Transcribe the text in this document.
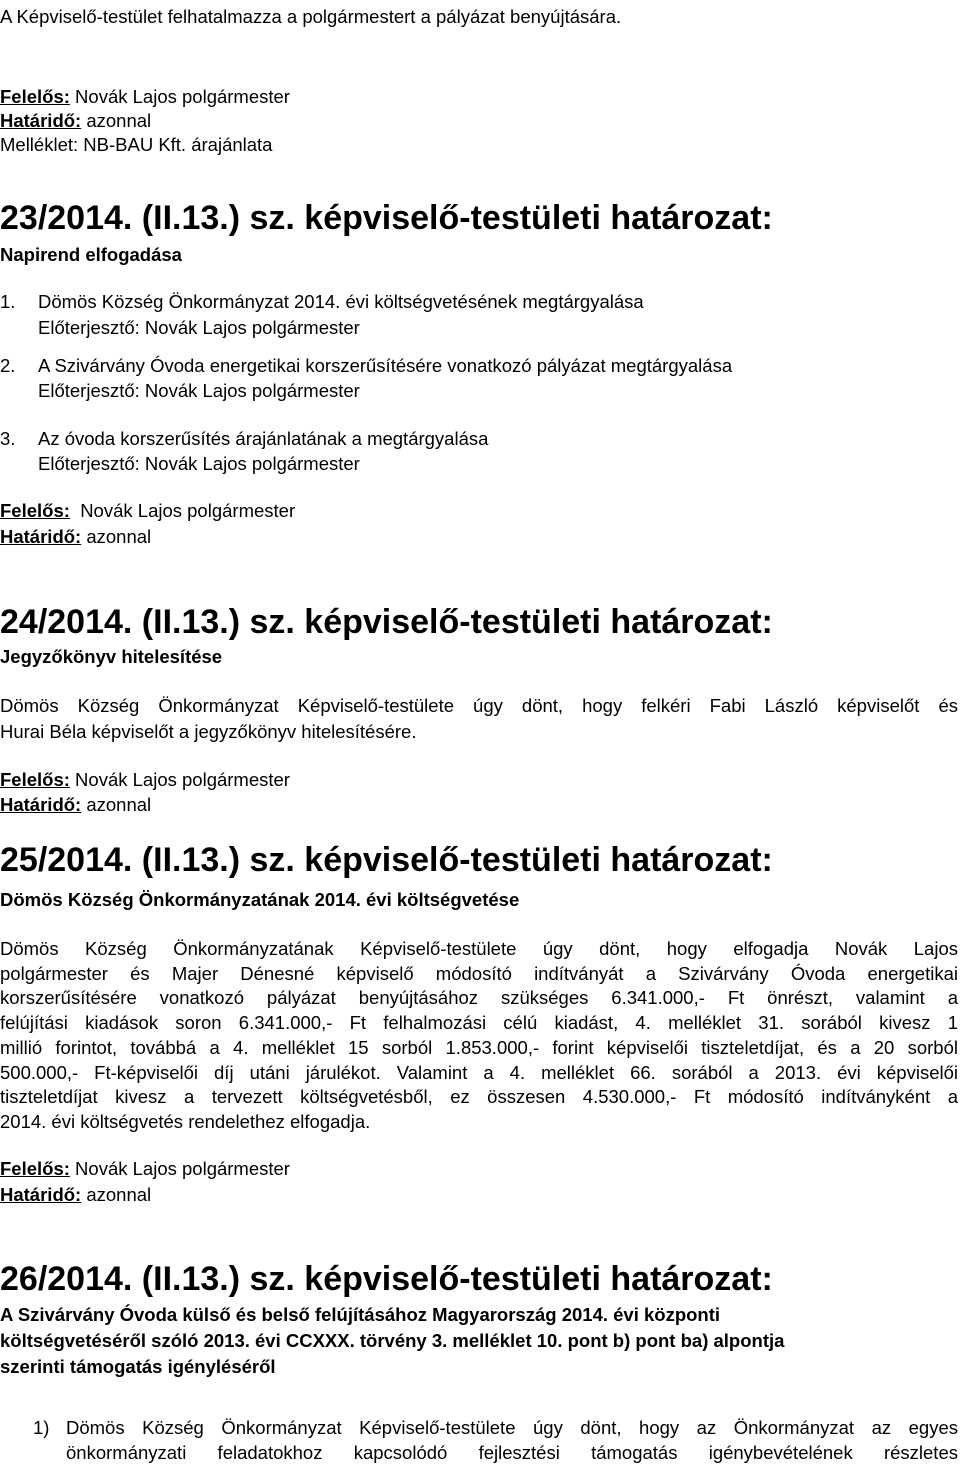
A Képviselő-testület felhatalmazza a polgármestert a pályázat benyújtására.
Felelős: Novák Lajos polgármester
Határidő: azonnal
Melléklet: NB-BAU Kft. árajánlata
23/2014. (II.13.) sz. képviselő-testületi határozat:
Napirend elfogadása
1. Dömös Község Önkormányzat 2014. évi költségvetésének megtárgyalása
Előterjesztő: Novák Lajos polgármester
2. A Szivárvány Óvoda energetikai korszerűsítésére vonatkozó pályázat megtárgyalása
Előterjesztő: Novák Lajos polgármester
3. Az óvoda korszerűsítés árajánlatának a megtárgyalása
Előterjesztő: Novák Lajos polgármester
Felelős:  Novák Lajos polgármester
Határidő: azonnal
24/2014. (II.13.) sz. képviselő-testületi határozat:
Jegyzőkönyv hitelesítése
Dömös Község Önkormányzat Képviselő-testülete úgy dönt, hogy felkéri Fabi László képviselőt és
Hurai Béla képviselőt a jegyzőkönyv hitelesítésére.
Felelős: Novák Lajos polgármester
Határidő: azonnal
25/2014. (II.13.) sz. képviselő-testületi határozat:
Dömös Község Önkormányzatának 2014. évi költségvetése
Dömös Község Önkormányzatának Képviselő-testülete úgy dönt, hogy elfogadja Novák Lajos
polgármester és Majer Dénesné képviselő módosító indítványát a Szivárvány Óvoda energetikai
korszerűsítésére vonatkozó pályázat benyújtásához szükséges 6.341.000,- Ft önrészt, valamint a
felújítási kiadások soron 6.341.000,- Ft felhalmozási célú kiadást, 4. melléklet 31. sorából kivesz 1
millió forintot, továbbá a 4. melléklet 15 sorból 1.853.000,- forint képviselői tiszteletdíjat, és a 20 sorból
500.000,- Ft-képviselői díj utáni járulékot. Valamint a 4. melléklet 66. sorából a 2013. évi képviselői
tiszteletdíjat kivesz a tervezett költségvetésből, ez összesen 4.530.000,- Ft módosító indítványként a
2014. évi költségvetés rendelethez elfogadja.
Felelős: Novák Lajos polgármester
Határidő: azonnal
26/2014. (II.13.) sz. képviselő-testületi határozat:
A Szivárvány Óvoda külső és belső felújításához Magyarország 2014. évi központi
költségvetéséről szóló 2013. évi CCXXX. törvény 3. melléklet 10. pont b) pont ba) alpontja
szerinti támogatás igényléséről
1) Dömös Község Önkormányzat Képviselő-testülete úgy dönt, hogy az Önkormányzat az egyes
önkormányzati feladatokhoz kapcsolódó fejlesztési támogatás igénybevételének részletes
